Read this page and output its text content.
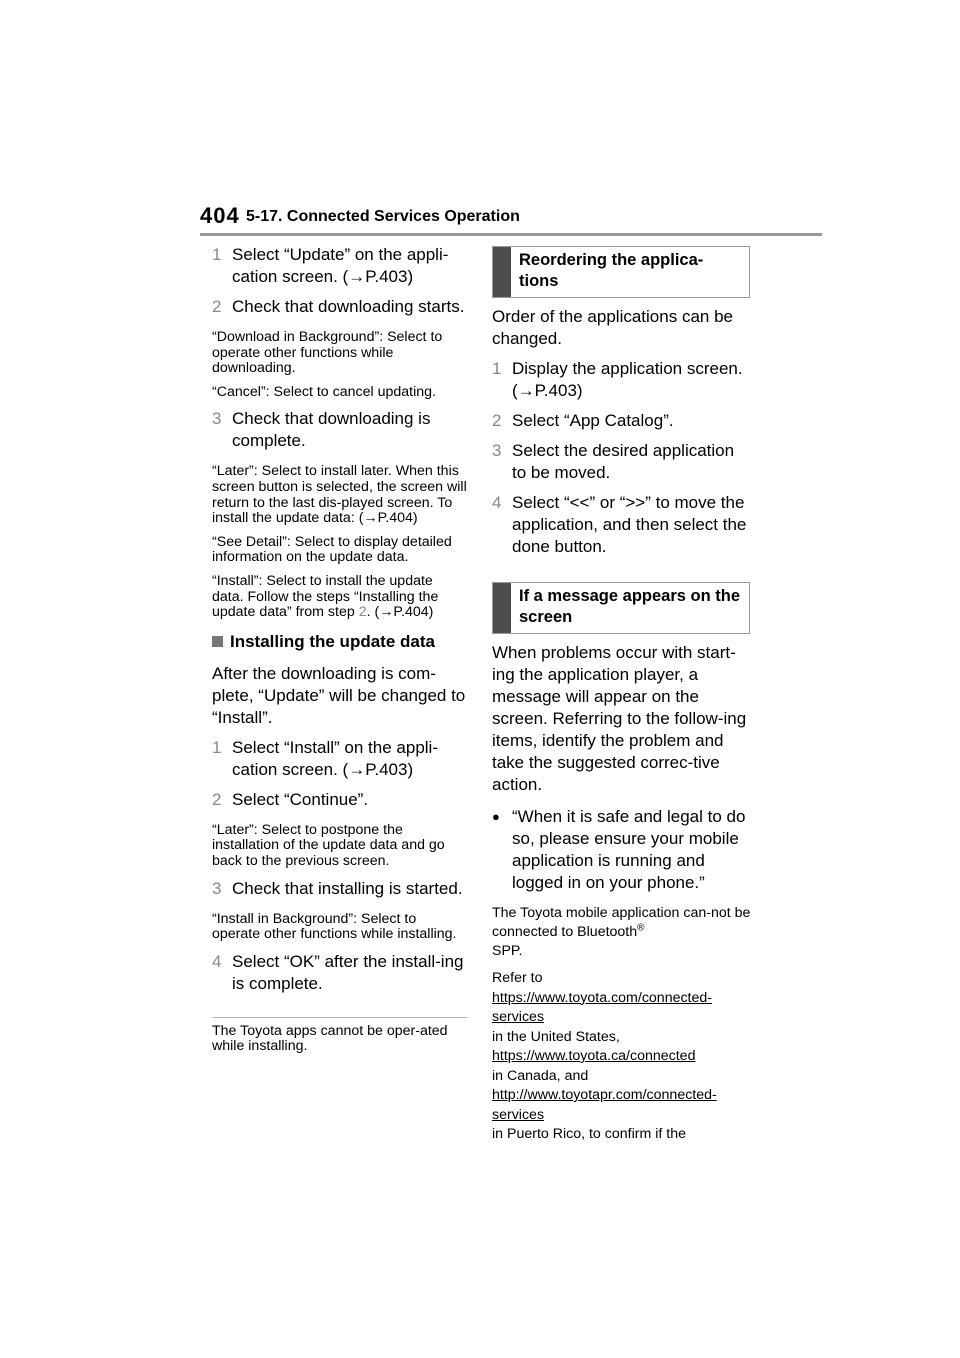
404 5-17. Connected Services Operation
1 Select “Update” on the appli-cation screen. (→P.403)
2 Check that downloading starts.
“Download in Background”: Select to operate other functions while downloading.
“Cancel”: Select to cancel updating.
3 Check that downloading is complete.
“Later”: Select to install later. When this screen button is selected, the screen will return to the last dis-played screen. To install the update data: (→P.404)
“See Detail”: Select to display detailed information on the update data.
“Install”: Select to install the update data. Follow the steps “Installing the update data” from step 2. (→P.404)
Installing the update data
After the downloading is com-plete, “Update” will be changed to “Install”.
1 Select “Install” on the appli-cation screen. (→P.403)
2 Select “Continue”.
“Later”: Select to postpone the installation of the update data and go back to the previous screen.
3 Check that installing is started.
“Install in Background”: Select to operate other functions while installing.
4 Select “OK” after the install-ing is complete.
The Toyota apps cannot be oper-ated while installing.
Reordering the applica-tions
Order of the applications can be changed.
1 Display the application screen. (→P.403)
2 Select “App Catalog”.
3 Select the desired application to be moved.
4 Select “<<” or “>>” to move the application, and then select the done button.
If a message appears on the screen
When problems occur with start-ing the application player, a message will appear on the screen. Referring to the follow-ing items, identify the problem and take the suggested correc-tive action.
● “When it is safe and legal to do so, please ensure your mobile application is running and logged in on your phone.”
The Toyota mobile application can-not be connected to Bluetooth®
SPP.
Refer to
https://www.toyota.com/connected-services
in the United States,
https://www.toyota.ca/connected
in Canada, and
http://www.toyotapr.com/connected-services
in Puerto Rico, to confirm if the
